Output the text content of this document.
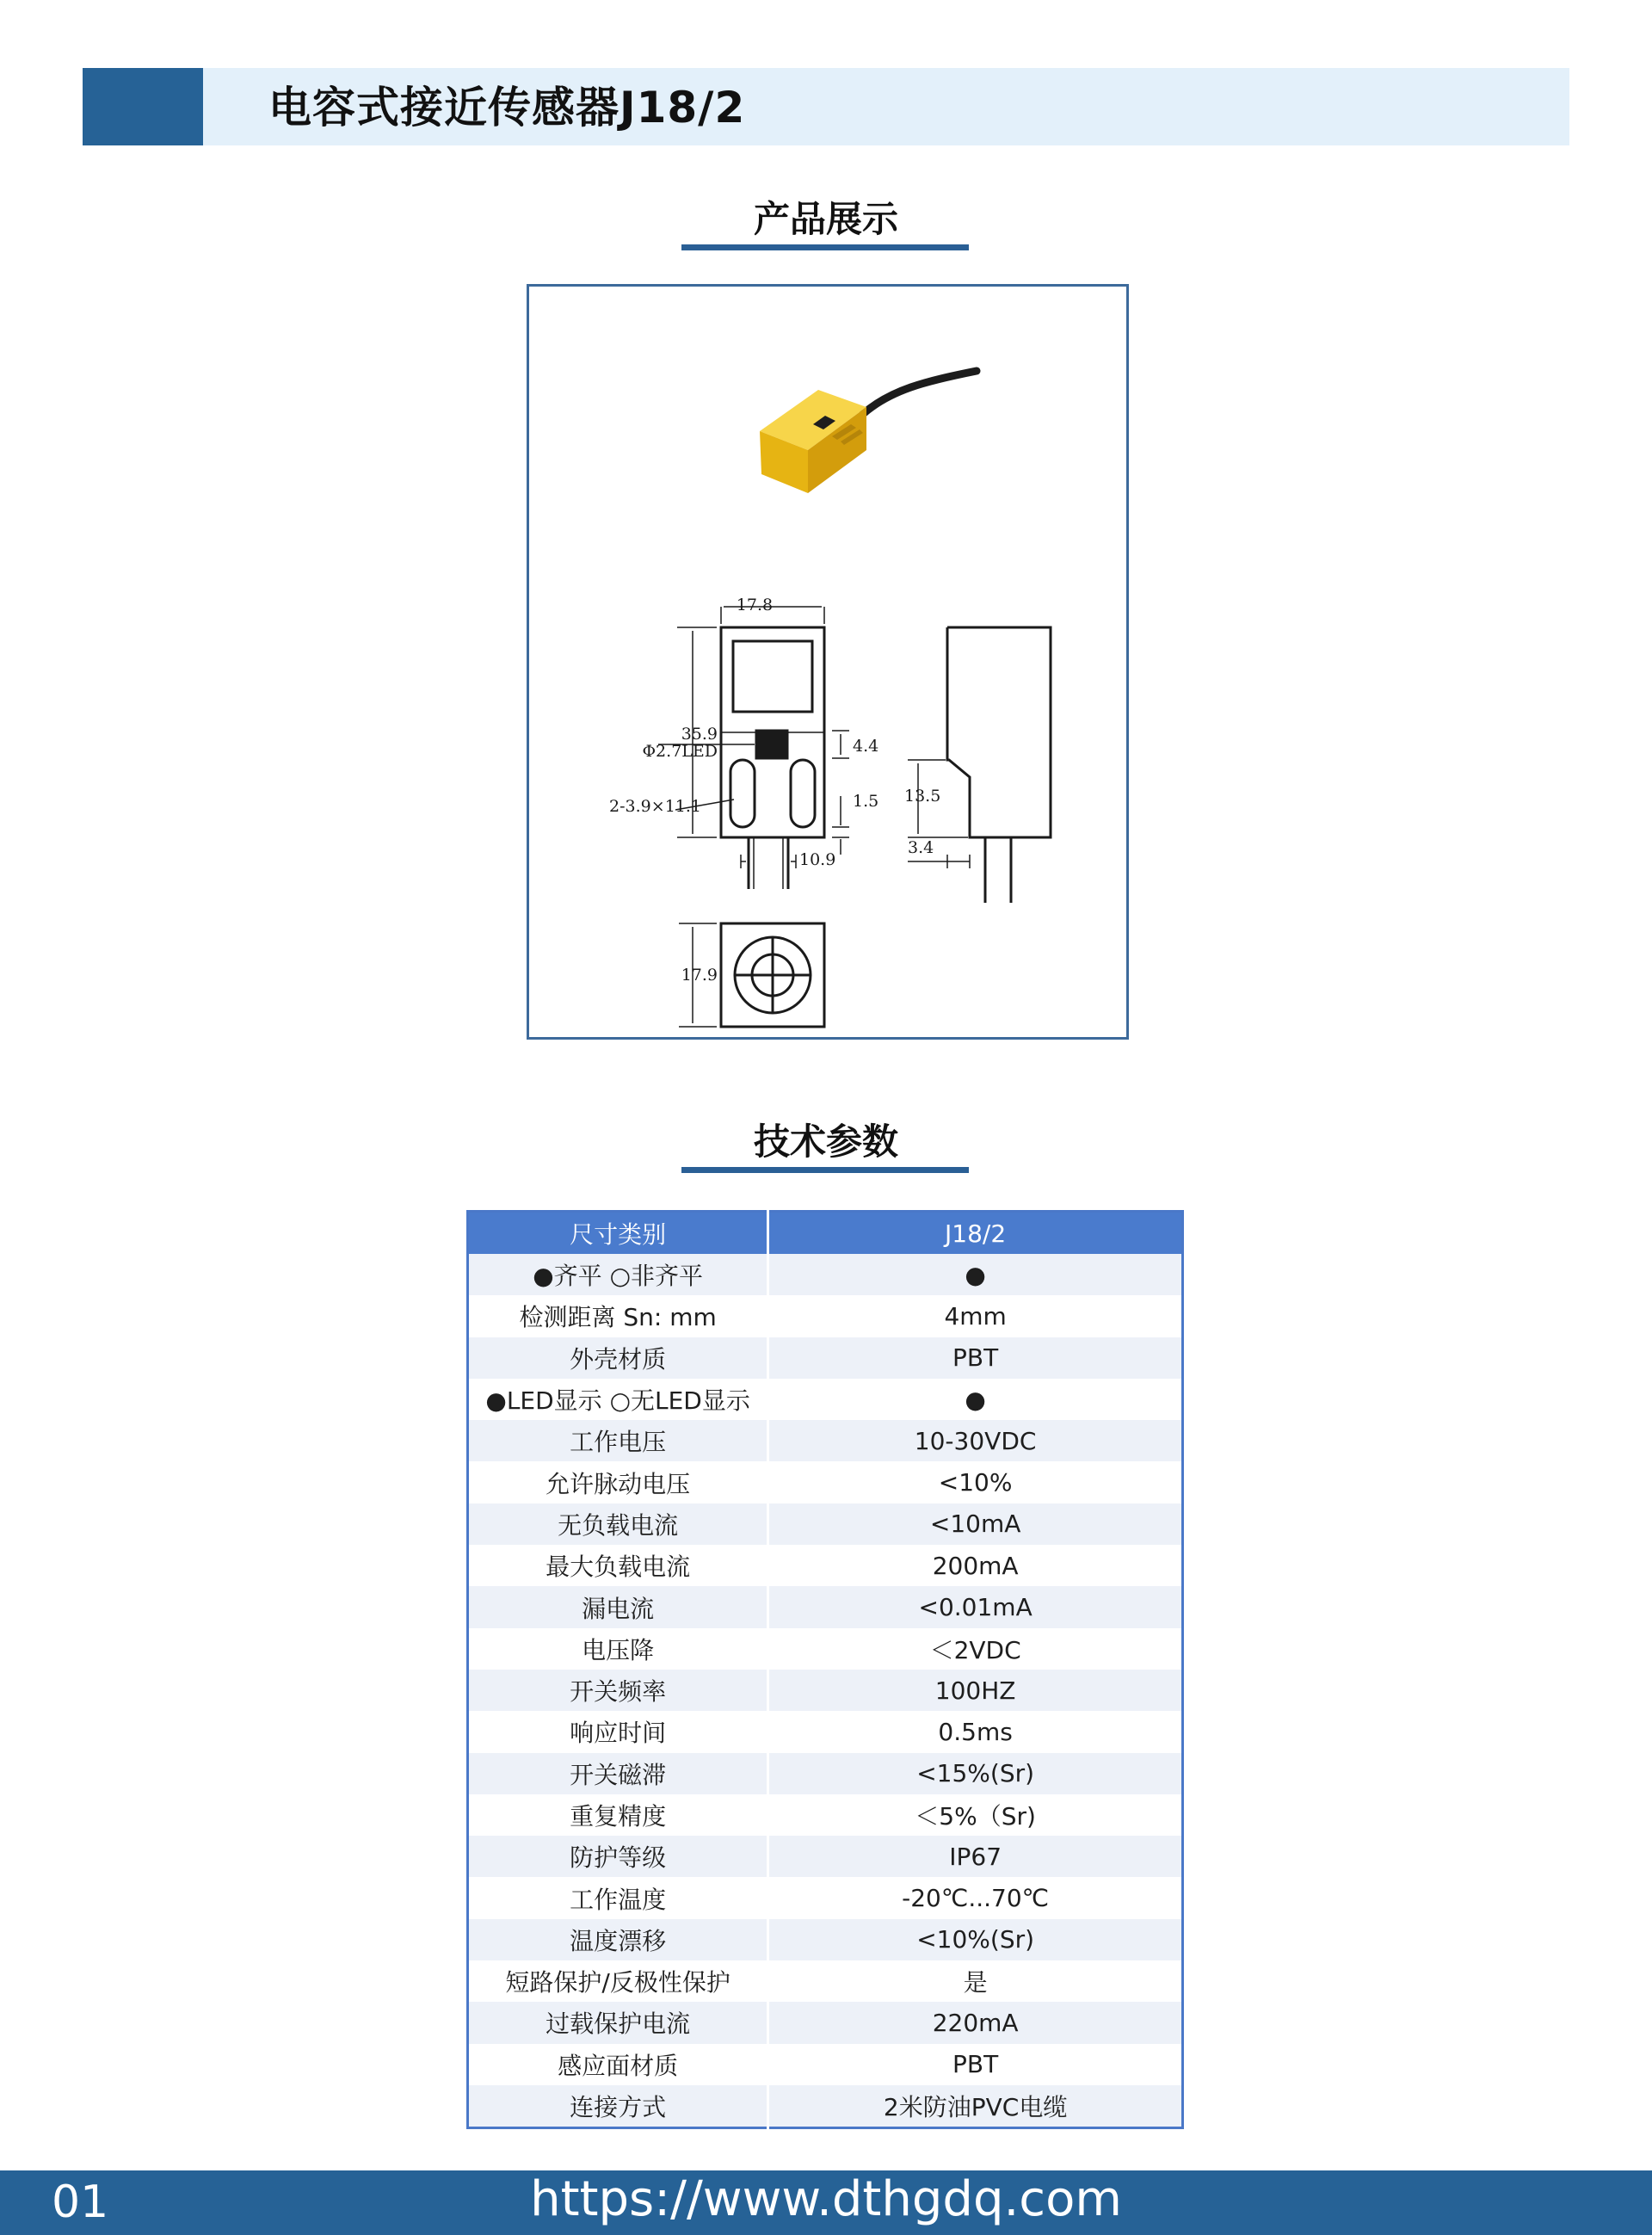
电容式接近传感器J18/2
产品展示
17.8
35.9
Φ2.7LED	4.4
2-3.9×11.1	1.5
10.9
13.5
3.4
17.9
技术参数
尺寸类别	J18/2
●齐平 ○非齐平	●
检测距离 Sn: mm	4mm
外壳材质	PBT
●LED显示 ○无LED显示	●
工作电压	10-30VDC
允许脉动电压	<10%
无负载电流	<10mA
最大负载电流	200mA
漏电流	<0.01mA
电压降	＜2VDC
开关频率	100HZ
响应时间	0.5ms
开关磁滞	<15%(Sr)
重复精度	＜5%（Sr)
防护等级	IP67
工作温度	-20℃...70℃
温度漂移	<10%(Sr)
短路保护/反极性保护	是
过载保护电流	220mA
感应面材质	PBT
连接方式	2米防油PVC电缆
01	https://www.dthgdq.com
